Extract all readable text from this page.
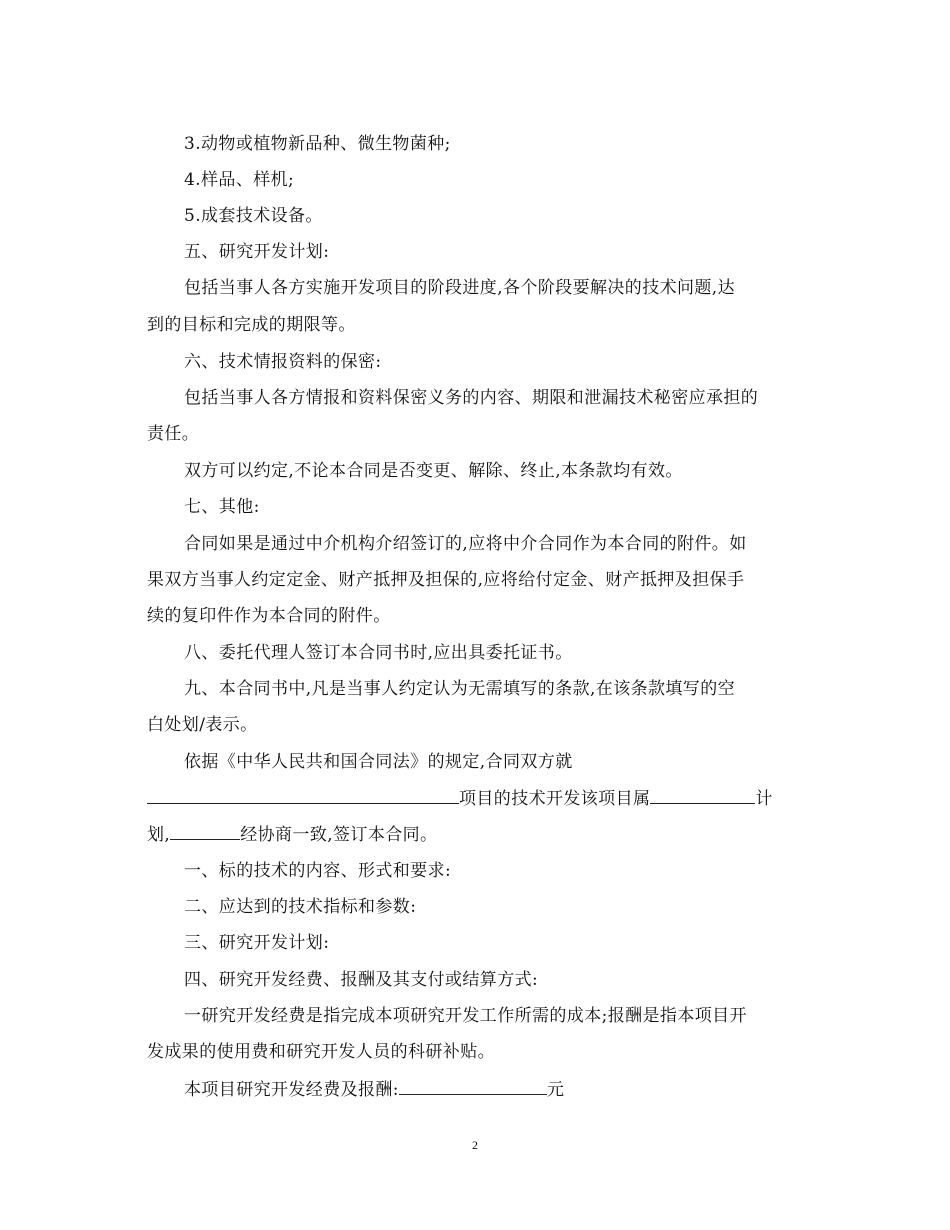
3.动物或植物新品种、微生物菌种;
4.样品、样机;
5.成套技术设备。
五、研究开发计划:
包括当事人各方实施开发项目的阶段进度,各个阶段要解决的技术问题,达
到的目标和完成的期限等。
六、技术情报资料的保密:
包括当事人各方情报和资料保密义务的内容、期限和泄漏技术秘密应承担的
责任。
双方可以约定,不论本合同是否变更、解除、终止,本条款均有效。
七、其他:
合同如果是通过中介机构介绍签订的,应将中介合同作为本合同的附件。如
果双方当事人约定定金、财产抵押及担保的,应将给付定金、财产抵押及担保手
续的复印件作为本合同的附件。
八、委托代理人签订本合同书时,应出具委托证书。
九、本合同书中,凡是当事人约定认为无需填写的条款,在该条款填写的空
白处划/表示。
依据《中华人民共和国合同法》的规定,合同双方就
项目的技术开发该项目属	计
划,	经协商一致,签订本合同。
一、标的技术的内容、形式和要求:
二、应达到的技术指标和参数:
三、研究开发计划:
四、研究开发经费、报酬及其支付或结算方式:
一研究开发经费是指完成本项研究开发工作所需的成本;报酬是指本项目开
发成果的使用费和研究开发人员的科研补贴。
本项目研究开发经费及报酬:	元
2
